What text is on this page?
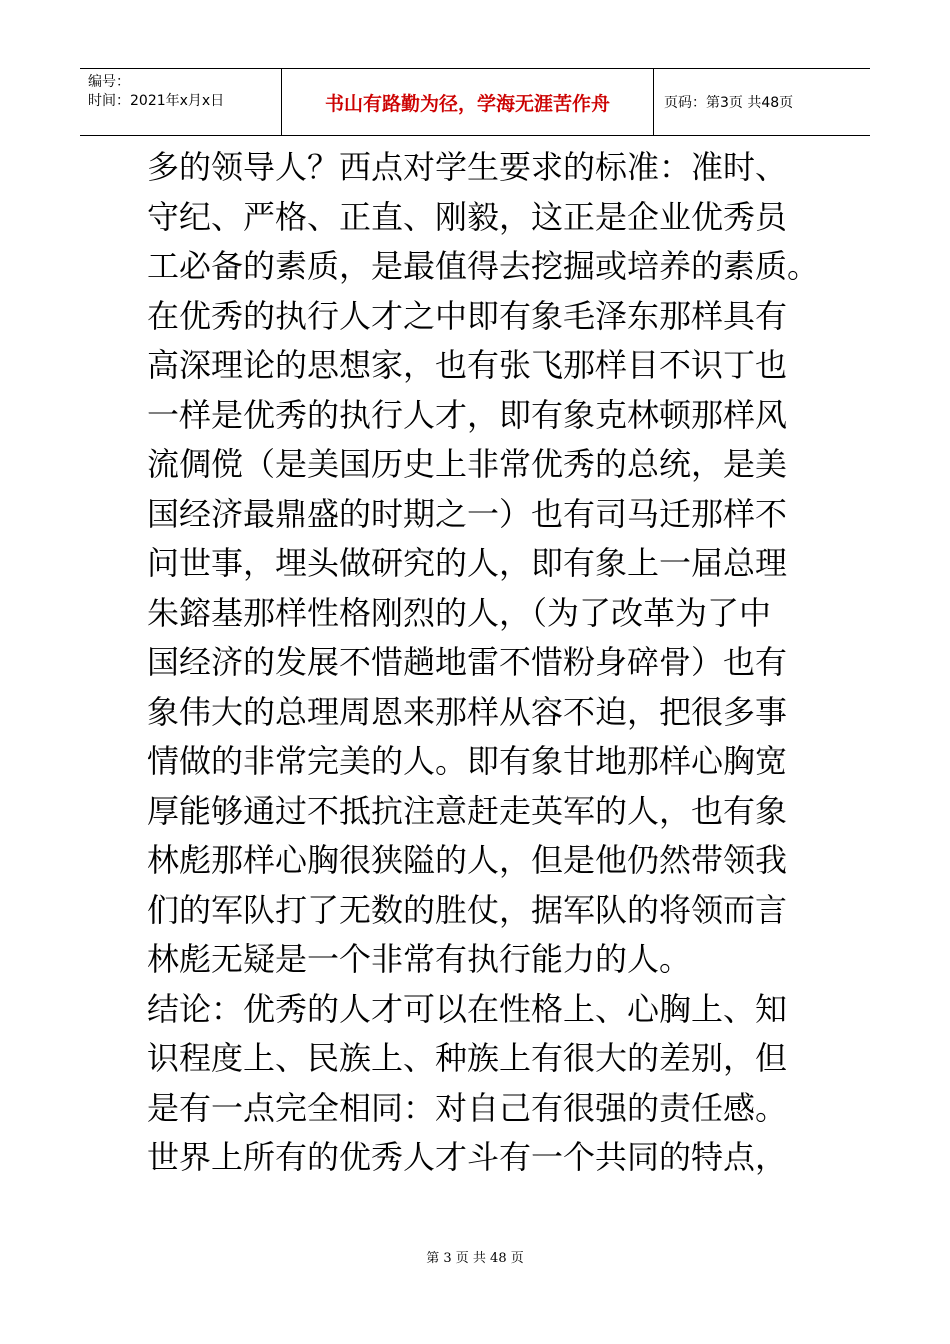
编号：
时间：2021年x月x日	书山有路勤为径，学海无涯苦作舟	页码：第3页 共48页
多的领导人？西点对学生要求的标准：准时、
守纪、严格、正直、刚毅，这正是企业优秀员
工必备的素质，是最值得去挖掘或培养的素质。
在优秀的执行人才之中即有象毛泽东那样具有
高深理论的思想家，也有张飞那样目不识丁也
一样是优秀的执行人才，即有象克林顿那样风
流倜傥（是美国历史上非常优秀的总统，是美
国经济最鼎盛的时期之一）也有司马迁那样不
问世事，埋头做研究的人，即有象上一届总理
朱鎔基那样性格刚烈的人，（为了改革为了中
国经济的发展不惜趟地雷不惜粉身碎骨）也有
象伟大的总理周恩来那样从容不迫，把很多事
情做的非常完美的人。即有象甘地那样心胸宽
厚能够通过不抵抗注意赶走英军的人，也有象
林彪那样心胸很狭隘的人，但是他仍然带领我
们的军队打了无数的胜仗，据军队的将领而言
林彪无疑是一个非常有执行能力的人。
结论：优秀的人才可以在性格上、心胸上、知
识程度上、民族上、种族上有很大的差别，但
是有一点完全相同：对自己有很强的责任感。
世界上所有的优秀人才斗有一个共同的特点，
第 3 页 共 48 页
